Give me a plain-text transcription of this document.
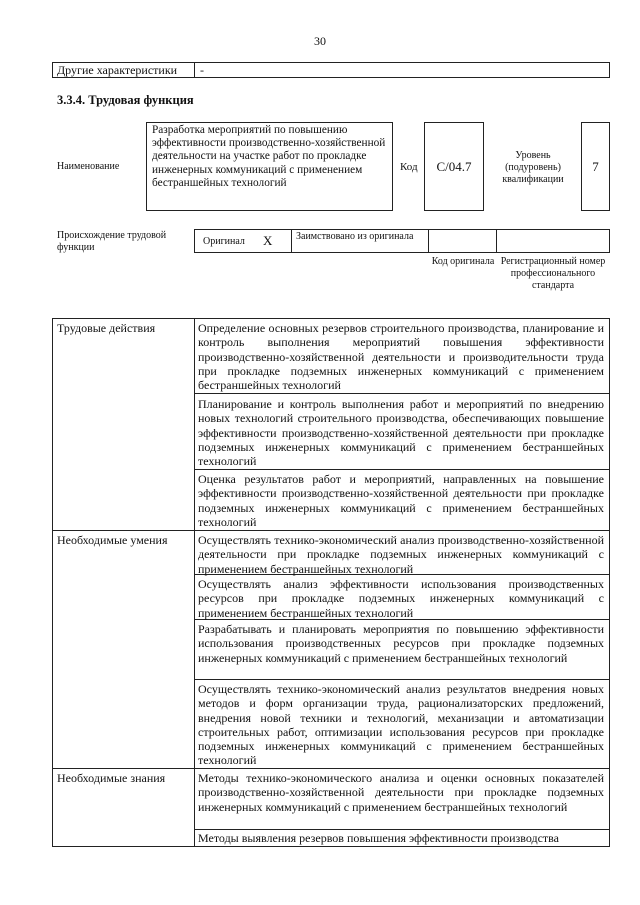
30
Другие характеристики -
3.3.4. Трудовая функция
Наименование
Разработка мероприятий по повышению эффективности производственно-хозяйственной деятельности на участке работ по прокладке инженерных коммуникаций с применением бестраншейных технологий
Код	C/04.7
Уровень (подуровень) квалификации
7
Происхождение трудовой функции
Оригинал X Заимствовано из оригинала
Код оригинала Регистрационный номер профессионального стандарта
Трудовые действия
Необходимые умения
Необходимые знания
Определение основных резервов строительного производства, планирование и контроль выполнения мероприятий повышения эффективности производственно-хозяйственной деятельности и производительности труда при прокладке подземных инженерных коммуникаций с применением бестраншейных технологий
Планирование и контроль выполнения работ и мероприятий по внедрению новых технологий строительного производства, обеспечивающих повышение эффективности производственно-хозяйственной деятельности при прокладке подземных инженерных коммуникаций с применением бестраншейных технологий
Оценка результатов работ и мероприятий, направленных на повышение эффективности производственно-хозяйственной деятельности при прокладке подземных инженерных коммуникаций с применением бестраншейных технологий
Осуществлять технико-экономический анализ производственно-хозяйственной деятельности при прокладке подземных инженерных коммуникаций с применением бестраншейных технологий
Осуществлять анализ эффективности использования производственных ресурсов при прокладке подземных инженерных коммуникаций с применением бестраншейных технологий
Разрабатывать и планировать мероприятия по повышению эффективности использования производственных ресурсов при прокладке подземных инженерных коммуникаций с применением бестраншейных технологий
Осуществлять технико-экономический анализ результатов внедрения новых методов и форм организации труда, рационализаторских предложений, внедрения новой техники и технологий, механизации и автоматизации строительных работ, оптимизации использования ресурсов при прокладке подземных инженерных коммуникаций с применением бестраншейных технологий
Методы технико-экономического анализа и оценки основных показателей производственно-хозяйственной деятельности при прокладке подземных инженерных коммуникаций с применением бестраншейных технологий
Методы выявления резервов повышения эффективности производства
